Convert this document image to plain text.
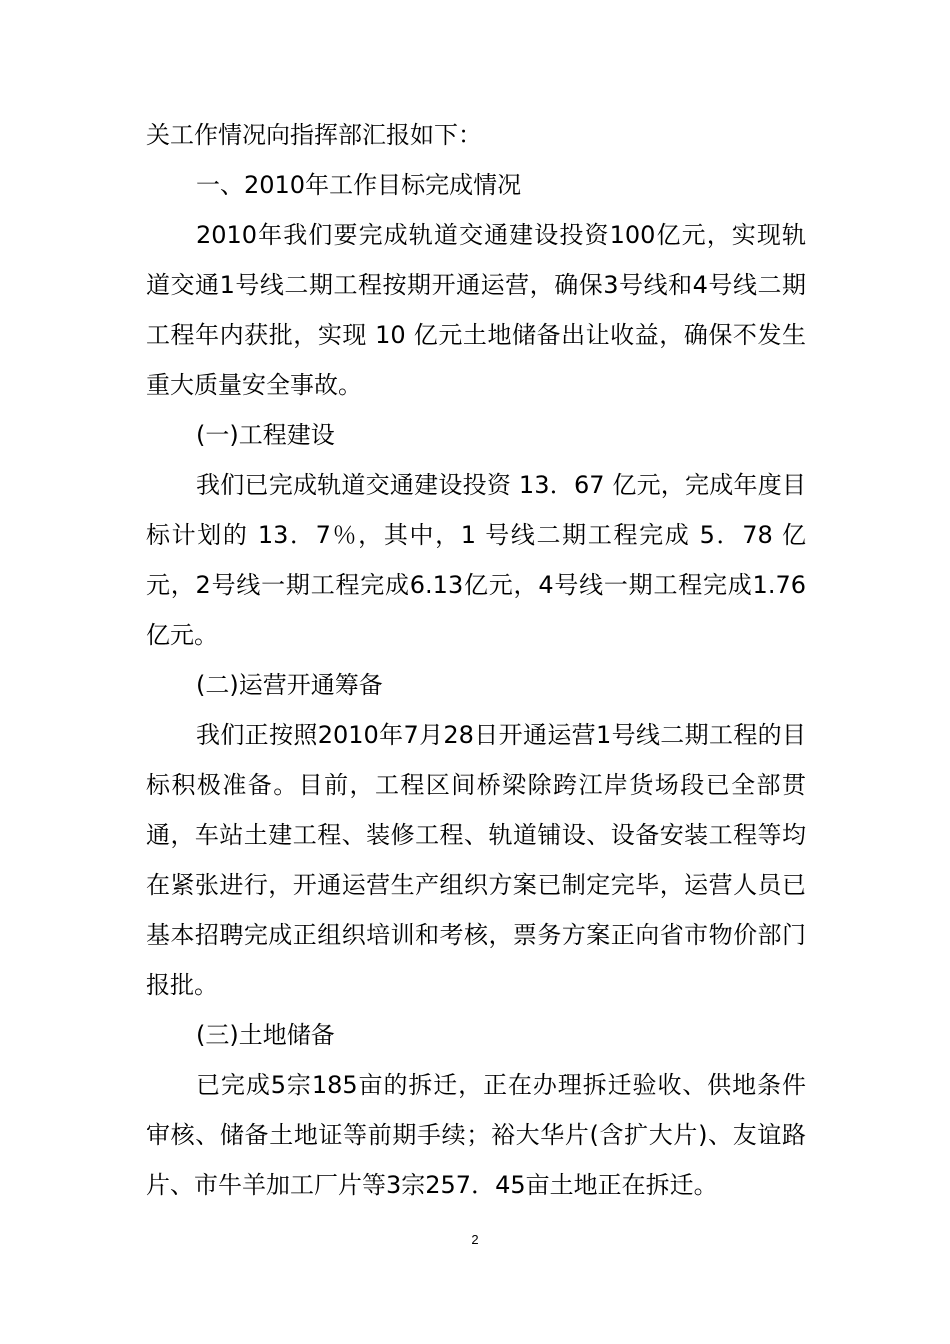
关工作情况向指挥部汇报如下：

一、2010年工作目标完成情况

2010年我们要完成轨道交通建设投资100亿元，实现轨道交通1号线二期工程按期开通运营，确保3号线和4号线二期工程年内获批，实现 10 亿元土地储备出让收益，确保不发生重大质量安全事故。

(一)工程建设

我们已完成轨道交通建设投资 13．67 亿元，完成年度目标计划的 13．7％，其中，1 号线二期工程完成 5．78 亿元，2号线一期工程完成6.13亿元，4号线一期工程完成1.76亿元。

(二)运营开通筹备

我们正按照2010年7月28日开通运营1号线二期工程的目标积极准备。目前，工程区间桥梁除跨江岸货场段已全部贯通，车站土建工程、装修工程、轨道铺设、设备安装工程等均在紧张进行，开通运营生产组织方案已制定完毕，运营人员已基本招聘完成正组织培训和考核，票务方案正向省市物价部门报批。

(三)土地储备

已完成5宗185亩的拆迁，正在办理拆迁验收、供地条件审核、储备土地证等前期手续；裕大华片(含扩大片)、友谊路片、市牛羊加工厂片等3宗257．45亩土地正在拆迁。

2
